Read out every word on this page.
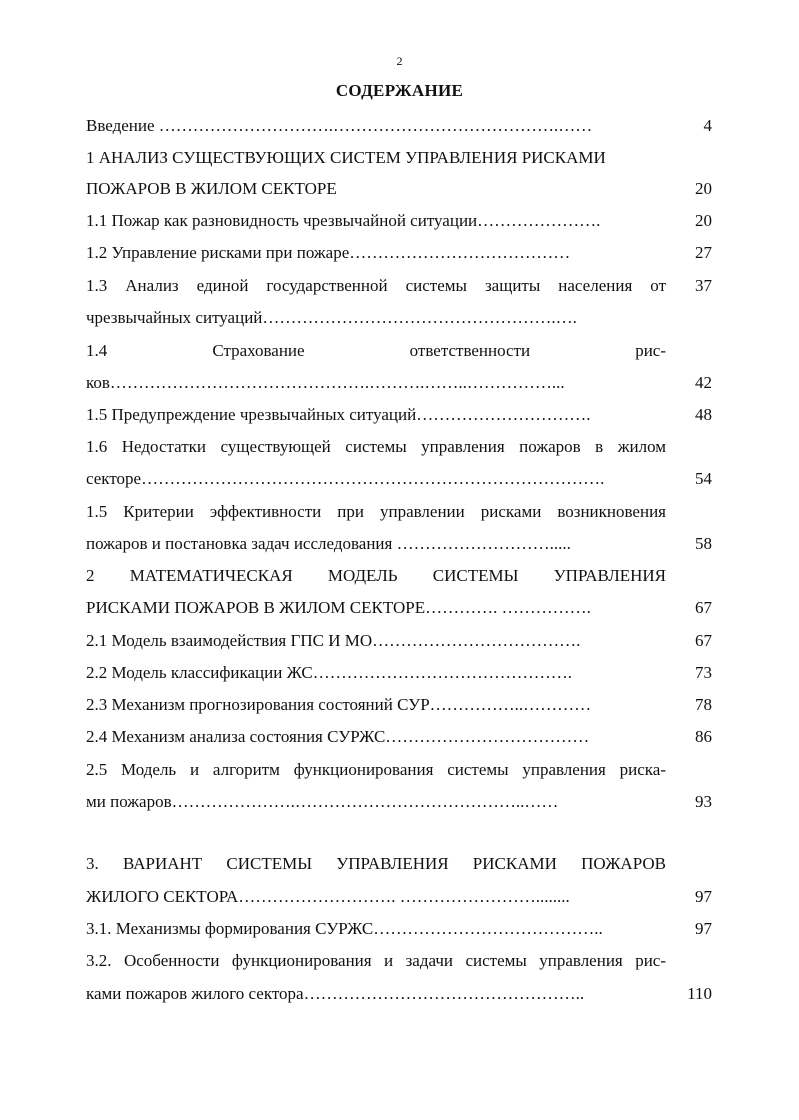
2
СОДЕРЖАНИЕ
Введение ………………………….………………………………….……	4
1 АНАЛИЗ СУЩЕСТВУЮЩИХ СИСТЕМ УПРАВЛЕНИЯ РИСКАМИ
ПОЖАРОВ В ЖИЛОМ СЕКТОРЕ	20
1.1 Пожар как разновидность чрезвычайной ситуации………………….	20
1.2 Управление рисками при пожаре…………………………………	27
1.3 Анализ единой государственной системы защиты населения от	37
чрезвычайных ситуаций…………………………………………….….
1.4 Страхование ответственности рис-
ков……………………………………….……….……..……………...	42
1.5 Предупреждение чрезвычайных ситуаций………………………….	48
1.6 Недостатки существующей системы управления пожаров в жилом
секторе……………………………………………………………………….	54
1.5 Критерии эффективности при управлении рисками возникновения
пожаров и постановка задач исследования ……………………….....	58
2 МАТЕМАТИЧЕСКАЯ МОДЕЛЬ СИСТЕМЫ УПРАВЛЕНИЯ
РИСКАМИ ПОЖАРОВ В ЖИЛОМ СЕКТОРЕ…………. …………….	67
2.1 Модель взаимодействия ГПС И МО……………………………….	67
2.2 Модель классификации ЖС……………………………………….	73
2.3 Механизм прогнозирования состояний СУР……………..…………	78
2.4 Механизм анализа состояния СУРЖС………………………………	86
2.5 Модель и алгоритм функционирования системы управления риска-
ми пожаров………………….…………………………………..……	93
3. ВАРИАНТ СИСТЕМЫ УПРАВЛЕНИЯ РИСКАМИ ПОЖАРОВ
ЖИЛОГО СЕКТОРА………………………. ……………………........	97
3.1. Механизмы формирования СУРЖС…………………………………..	97
3.2. Особенности функционирования и задачи системы управления рис-
ками пожаров жилого сектора…………………………………………..	110
